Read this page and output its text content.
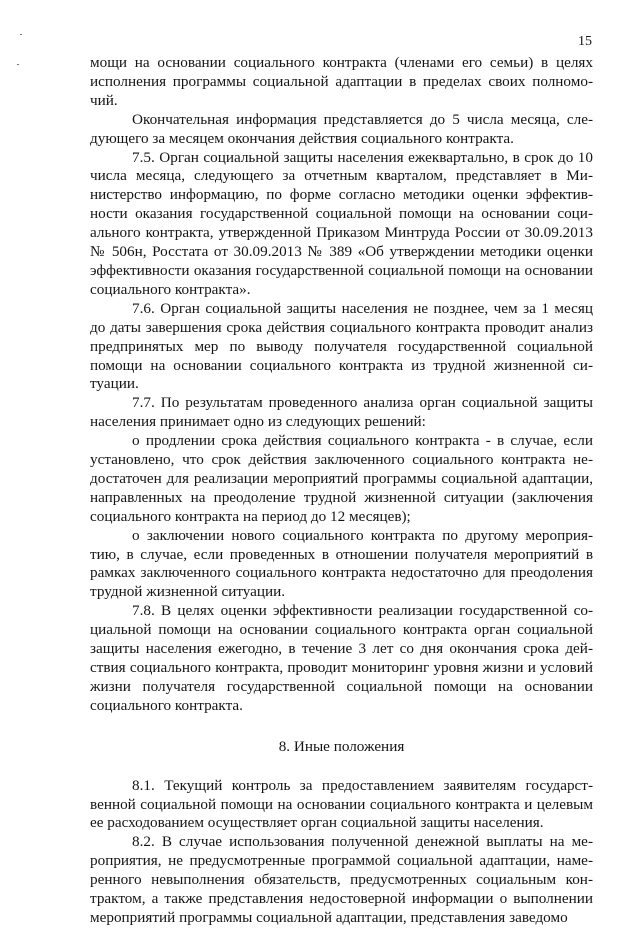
15

мощи на основании социального контракта (членами его семьи) в целях исполнения программы социальной адаптации в пределах своих полномочий.

Окончательная информация представляется до 5 числа месяца, следующего за месяцем окончания действия социального контракта.

7.5. Орган социальной защиты населения ежеквартально, в срок до 10 числа месяца, следующего за отчетным кварталом, представляет в Министерство информацию, по форме согласно методики оценки эффективности оказания государственной социальной помощи на основании социального контракта, утвержденной Приказом Минтруда России от 30.09.2013 № 506н, Росстата от 30.09.2013 № 389 «Об утверждении методики оценки эффективности оказания государственной социальной помощи на основании социального контракта».

7.6. Орган социальной защиты населения не позднее, чем за 1 месяц до даты завершения срока действия социального контракта проводит анализ предпринятых мер по выводу получателя государственной социальной помощи на основании социального контракта из трудной жизненной ситуации.

7.7. По результатам проведенного анализа орган социальной защиты населения принимает одно из следующих решений:

о продлении срока действия социального контракта - в случае, если установлено, что срок действия заключенного социального контракта недостаточен для реализации мероприятий программы социальной адаптации, направленных на преодоление трудной жизненной ситуации (заключения социального контракта на период до 12 месяцев);

о заключении нового социального контракта по другому мероприятию, в случае, если проведенных в отношении получателя мероприятий в рамках заключенного социального контракта недостаточно для преодоления трудной жизненной ситуации.

7.8. В целях оценки эффективности реализации государственной социальной помощи на основании социального контракта орган социальной защиты населения ежегодно, в течение 3 лет со дня окончания срока действия социального контракта, проводит мониторинг уровня жизни и условий жизни получателя государственной социальной помощи на основании социального контракта.

8. Иные положения

8.1. Текущий контроль за предоставлением заявителям государственной социальной помощи на основании социального контракта и целевым ее расходованием осуществляет орган социальной защиты населения.

8.2. В случае использования полученной денежной выплаты на мероприятия, не предусмотренные программой социальной адаптации, намеренного невыполнения обязательств, предусмотренных социальным контрактом, а также представления недостоверной информации о выполнении мероприятий программы социальной адаптации, представления заведомо
